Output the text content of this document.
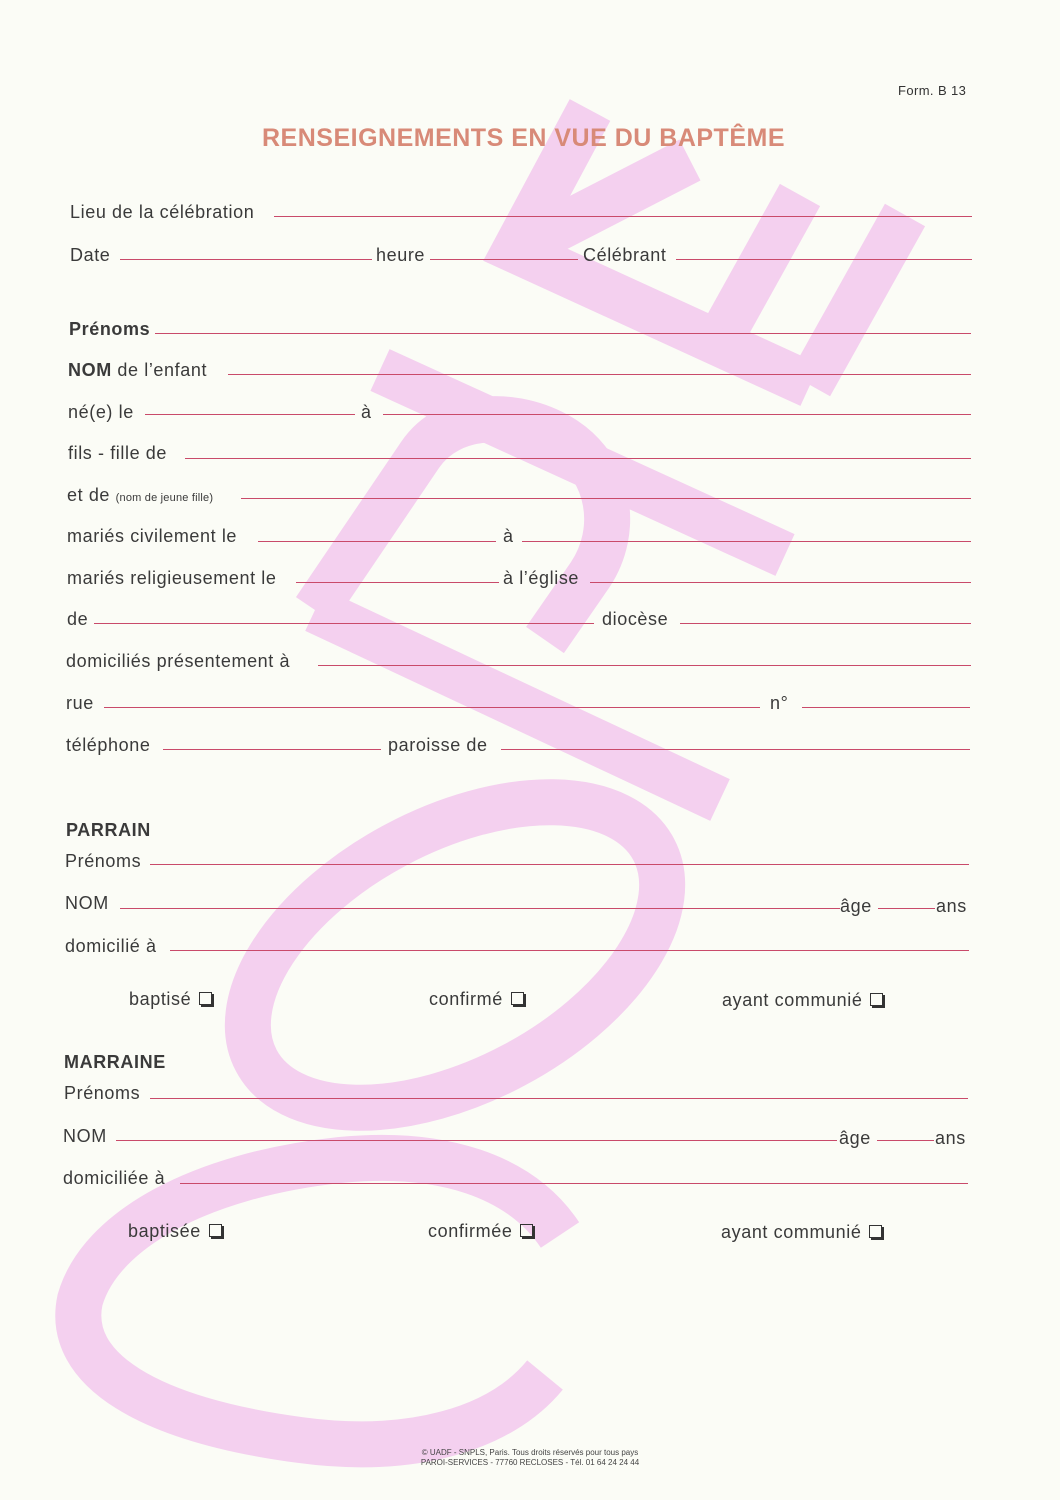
Form. B 13
RENSEIGNEMENTS EN VUE DU BAPTÊME
Lieu de la célébration
Date	heure	Célébrant
Prénoms
NOM de l’enfant
né(e) le	à
fils - fille de
et de (nom de jeune fille)
mariés civilement le	à
mariés religieusement le	à l’église
de	diocèse
domiciliés présentement à
rue	n°
téléphone	paroisse de
PARRAIN
Prénoms
NOM	âge	ans
domicilié à
baptisé	confirmé	ayant communié
MARRAINE
Prénoms
NOM	âge	ans
domiciliée à
baptisée	confirmée	ayant communié
© UADF - SNPLS, Paris. Tous droits réservés pour tous pays
PAROI-SERVICES - 77760 RECLOSES - Tél. 01 64 24 24 44
